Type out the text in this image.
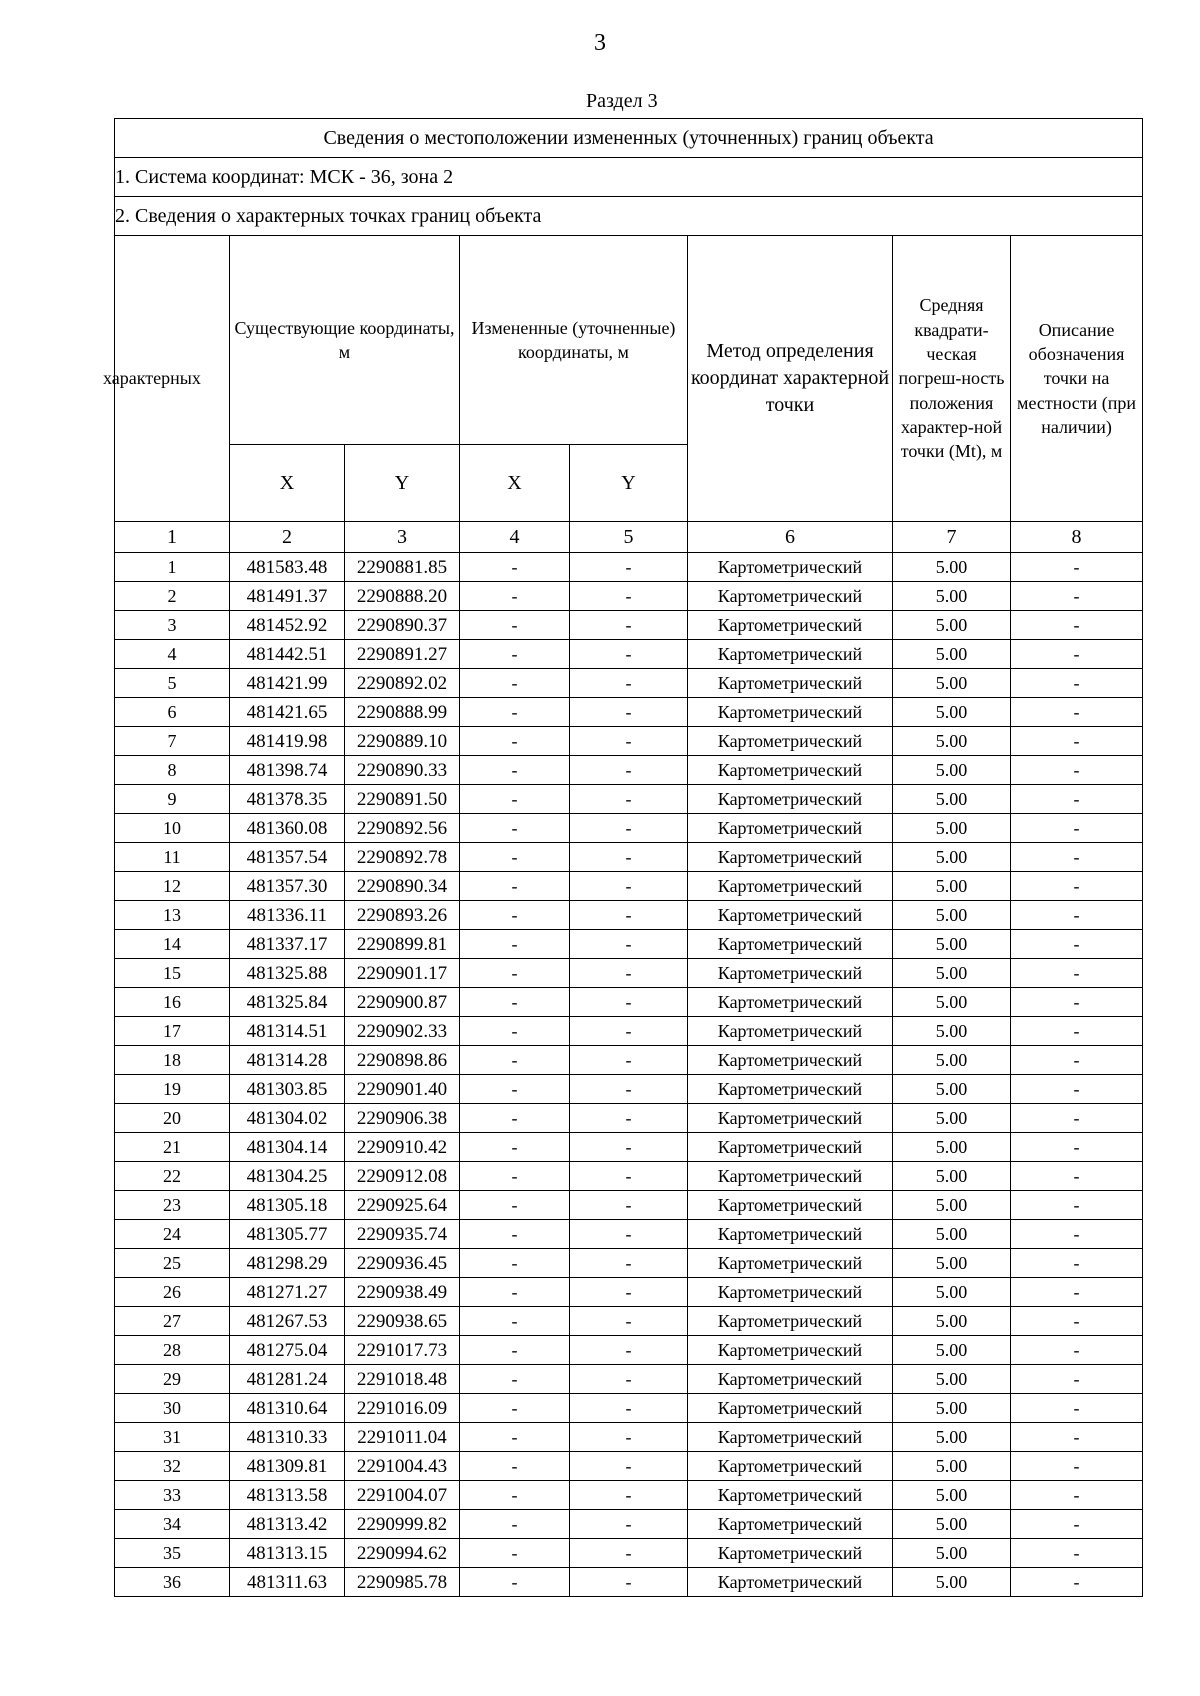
3
Раздел 3
Сведения о местоположении измененных (уточненных) границ объекта							
1. Система координат: МСК - 36, зона 2							
2. Сведения о характерных точках границ объекта							
характерных	Существующие координаты, м		Измененные (уточненные) координаты, м		Метод определения координат характерной точки	Средняя квадрати-ческая погреш-ность положения характер-ной точки (Mt), м	Описание обозначения точки на местности (при наличии)
	X	Y	X	Y			
1	2	3	4	5	6	7	8
1	481583.48	2290881.85	-	-	Картометрический	5.00	-
2	481491.37	2290888.20	-	-	Картометрический	5.00	-
3	481452.92	2290890.37	-	-	Картометрический	5.00	-
4	481442.51	2290891.27	-	-	Картометрический	5.00	-
5	481421.99	2290892.02	-	-	Картометрический	5.00	-
6	481421.65	2290888.99	-	-	Картометрический	5.00	-
7	481419.98	2290889.10	-	-	Картометрический	5.00	-
8	481398.74	2290890.33	-	-	Картометрический	5.00	-
9	481378.35	2290891.50	-	-	Картометрический	5.00	-
10	481360.08	2290892.56	-	-	Картометрический	5.00	-
11	481357.54	2290892.78	-	-	Картометрический	5.00	-
12	481357.30	2290890.34	-	-	Картометрический	5.00	-
13	481336.11	2290893.26	-	-	Картометрический	5.00	-
14	481337.17	2290899.81	-	-	Картометрический	5.00	-
15	481325.88	2290901.17	-	-	Картометрический	5.00	-
16	481325.84	2290900.87	-	-	Картометрический	5.00	-
17	481314.51	2290902.33	-	-	Картометрический	5.00	-
18	481314.28	2290898.86	-	-	Картометрический	5.00	-
19	481303.85	2290901.40	-	-	Картометрический	5.00	-
20	481304.02	2290906.38	-	-	Картометрический	5.00	-
21	481304.14	2290910.42	-	-	Картометрический	5.00	-
22	481304.25	2290912.08	-	-	Картометрический	5.00	-
23	481305.18	2290925.64	-	-	Картометрический	5.00	-
24	481305.77	2290935.74	-	-	Картометрический	5.00	-
25	481298.29	2290936.45	-	-	Картометрический	5.00	-
26	481271.27	2290938.49	-	-	Картометрический	5.00	-
27	481267.53	2290938.65	-	-	Картометрический	5.00	-
28	481275.04	2291017.73	-	-	Картометрический	5.00	-
29	481281.24	2291018.48	-	-	Картометрический	5.00	-
30	481310.64	2291016.09	-	-	Картометрический	5.00	-
31	481310.33	2291011.04	-	-	Картометрический	5.00	-
32	481309.81	2291004.43	-	-	Картометрический	5.00	-
33	481313.58	2291004.07	-	-	Картометрический	5.00	-
34	481313.42	2290999.82	-	-	Картометрический	5.00	-
35	481313.15	2290994.62	-	-	Картометрический	5.00	-
36	481311.63	2290985.78	-	-	Картометрический	5.00	-
